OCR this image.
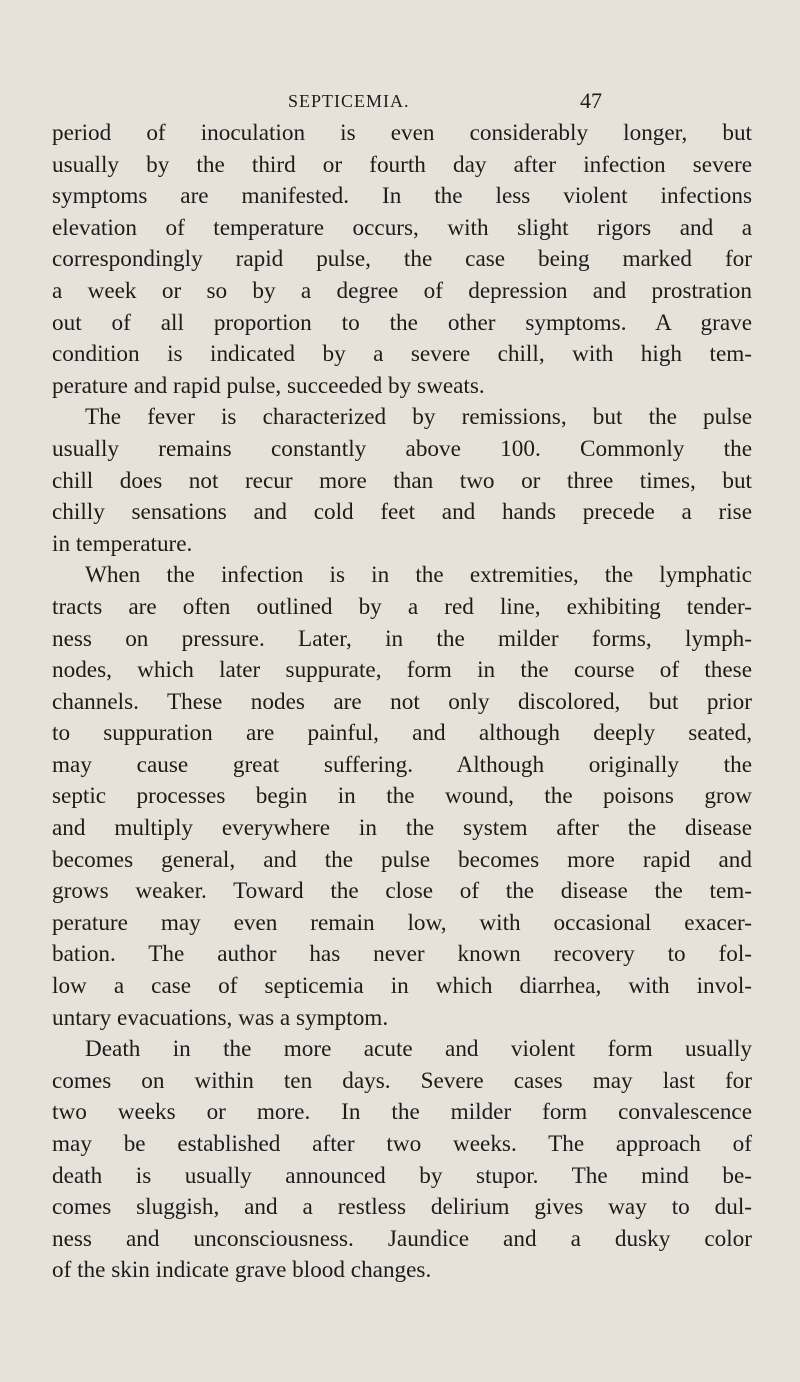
SEPTICEMIA.	47
period of inoculation is even considerably longer, but
usually by the third or fourth day after infection severe
symptoms are manifested. In the less violent infections
elevation of temperature occurs, with slight rigors and a
correspondingly rapid pulse, the case being marked for
a week or so by a degree of depression and prostration
out of all proportion to the other symptoms. A grave
condition is indicated by a severe chill, with high tem-
perature and rapid pulse, succeeded by sweats.
The fever is characterized by remissions, but the pulse
usually remains constantly above 100. Commonly the
chill does not recur more than two or three times, but
chilly sensations and cold feet and hands precede a rise
in temperature.
When the infection is in the extremities, the lymphatic
tracts are often outlined by a red line, exhibiting tender-
ness on pressure. Later, in the milder forms, lymph-
nodes, which later suppurate, form in the course of these
channels. These nodes are not only discolored, but prior
to suppuration are painful, and although deeply seated,
may cause great suffering. Although originally the
septic processes begin in the wound, the poisons grow
and multiply everywhere in the system after the disease
becomes general, and the pulse becomes more rapid and
grows weaker. Toward the close of the disease the tem-
perature may even remain low, with occasional exacer-
bation. The author has never known recovery to fol-
low a case of septicemia in which diarrhea, with invol-
untary evacuations, was a symptom.
Death in the more acute and violent form usually
comes on within ten days. Severe cases may last for
two weeks or more. In the milder form convalescence
may be established after two weeks. The approach of
death is usually announced by stupor. The mind be-
comes sluggish, and a restless delirium gives way to dul-
ness and unconsciousness. Jaundice and a dusky color
of the skin indicate grave blood changes.
